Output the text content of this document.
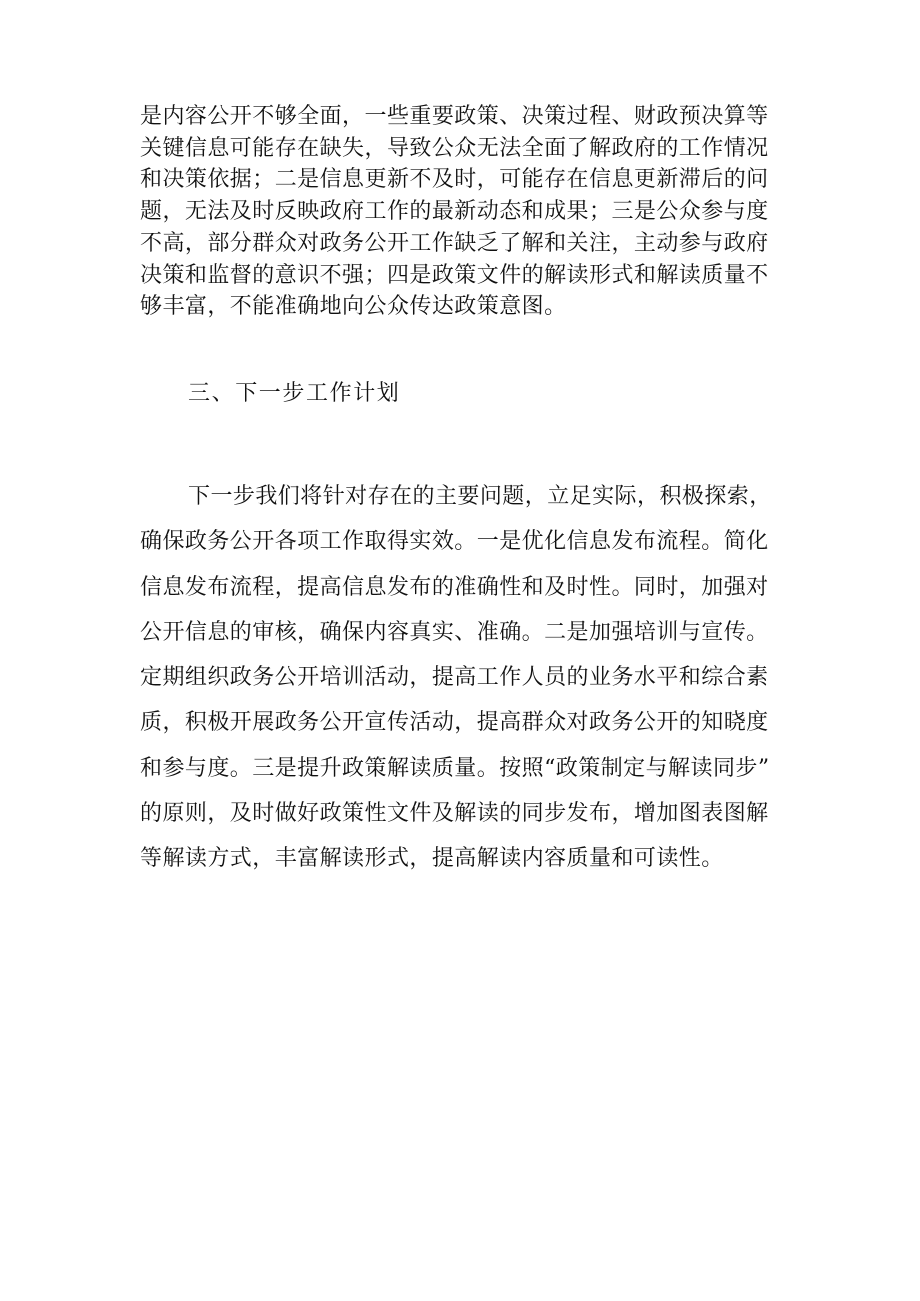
是内容公开不够全面，一些重要政策、决策过程、财政预决算等
关键信息可能存在缺失，导致公众无法全面了解政府的工作情况
和决策依据；二是信息更新不及时，可能存在信息更新滞后的问
题，无法及时反映政府工作的最新动态和成果；三是公众参与度
不高，部分群众对政务公开工作缺乏了解和关注，主动参与政府
决策和监督的意识不强；四是政策文件的解读形式和解读质量不
够丰富，不能准确地向公众传达政策意图。

三、下一步工作计划

下一步我们将针对存在的主要问题，立足实际，积极探索，
确保政务公开各项工作取得实效。一是优化信息发布流程。简化
信息发布流程，提高信息发布的准确性和及时性。同时，加强对
公开信息的审核，确保内容真实、准确。二是加强培训与宣传。
定期组织政务公开培训活动，提高工作人员的业务水平和综合素
质，积极开展政务公开宣传活动，提高群众对政务公开的知晓度
和参与度。三是提升政策解读质量。按照“政策制定与解读同步”
的原则，及时做好政策性文件及解读的同步发布，增加图表图解
等解读方式，丰富解读形式，提高解读内容质量和可读性。
